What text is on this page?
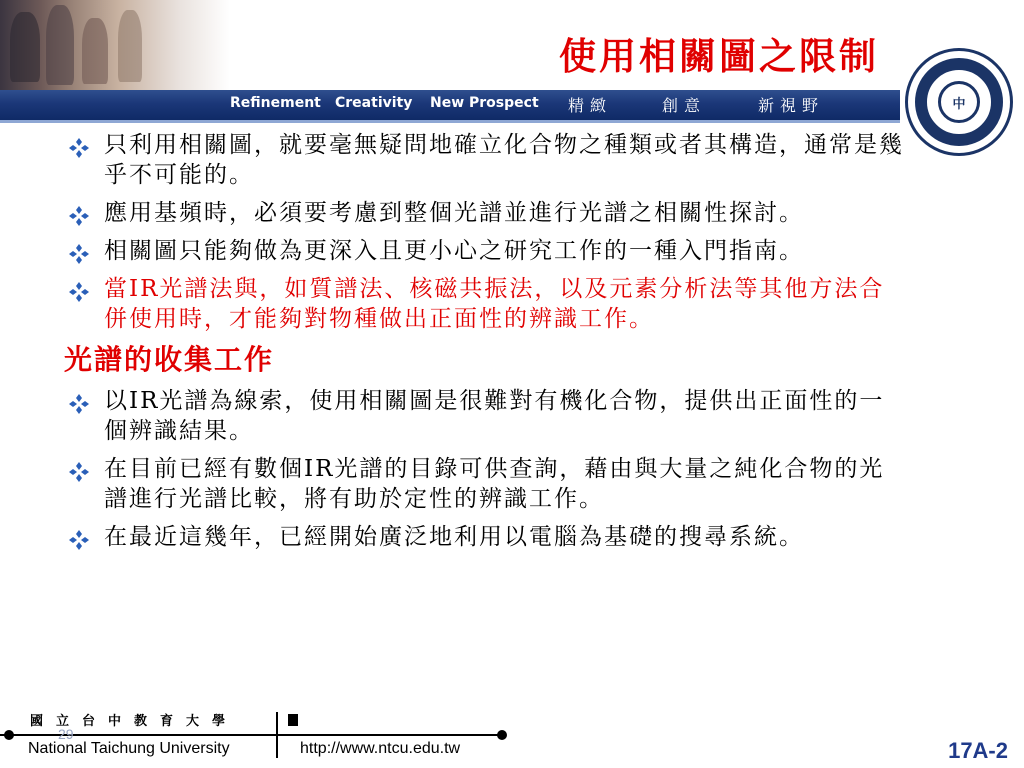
使用相關圖之限制
Refinement Creativity New Prospect 精緻	創意	新視野	中
只利用相關圖，就要毫無疑問地確立化合物之種類或者其構造，通常是幾乎不可能的。
應用基頻時，必須要考慮到整個光譜並進行光譜之相關性探討。
相關圖只能夠做為更深入且更小心之研究工作的一種入門指南。
當IR光譜法與，如質譜法、核磁共振法，以及元素分析法等其他方法合併使用時，才能夠對物種做出正面性的辨識工作。
光譜的收集工作
以IR光譜為線索，使用相關圖是很難對有機化合物，提供出正面性的一個辨識結果。
在目前已經有數個IR光譜的目錄可供查詢，藉由與大量之純化合物的光譜進行光譜比較，將有助於定性的辨識工作。
在最近這幾年，已經開始廣泛地利用以電腦為基礎的搜尋系統。
國立台中教育大學
29
National Taichung University	http://www.ntcu.edu.tw	17A-2
